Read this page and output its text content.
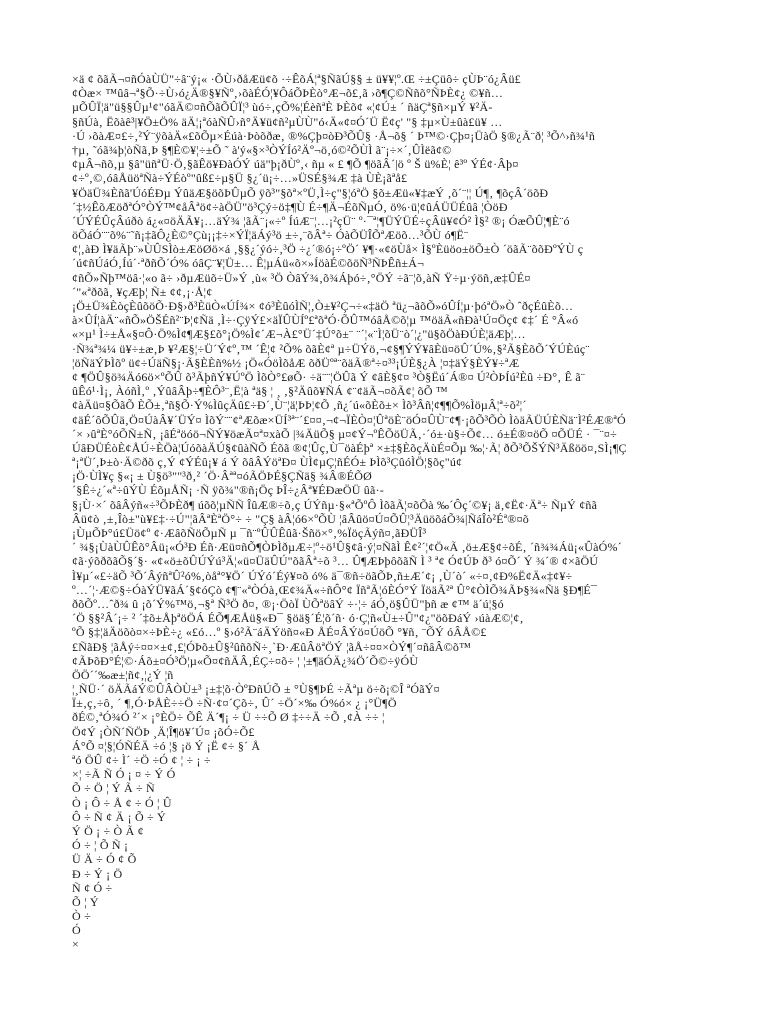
×ä ¢ õãÃ¬¤ñÓàÙÜ"÷â¨ý¡« ·ÕÙ›ðåÆü¢õ ·÷ÊõÁ¦ª§ÑãÚ§§ ± ü¥¥¦º.Œ ÷±Çüô÷ çÙÞ¨ó¿Âü£
¢Òæ× ™ûâ¬ª§Õ·÷Ù›ó¿Ä®§¥Ñº‚›õàÉÓ¦¥ÔáÕÞÈò°Æ¬õ£‚ã ›õ¶Ç©Ññõ°ÑÞÈ¢¿ ©¥ñ…
µÕÛÏ¦ä"ü§§Ûµ¹¢"óãÄ©¤ñÕãÕÛÏ¦³ ùó÷‚çÕ%¦ÉèñªÈ ÞÈõ¢ «¦¢Ú± ´ ñäÇª§ñ×µÝ ¥²Ä-
§ñÚà‚ Ëõàê³|¥Ö±Ö% äÄ¦¡ªóàÑÛ›ñ°Ä¥ü¢ñ²µÙÙ"ó‹Ä«¢¤Ó´Ü Ë¢ç' "§ ‡µ×Ù±ûà£ü¥ …
·Ú ›õàÆ¤£÷‚²Ý¨ÿõàÄ«£õÕµ×Éúà·Þòõðæ‚ ®%Çþ¤òÐ³ÕÛ§ ·Å¬õ§ ´ Þ™©·Çþ¤¡ÜàÖ §®¿Ã¨ð¦ ³Õ^›ñ¾¹ñ
†µ‚ ˜óã¾þ¦òÑã‚Þ §¶È©¥¦÷±Õ ˜ à'ý«§×³ÒÝÍó²Äº¬ö‚ó©²ÕÙÌ ã¨¡÷×´‚ÛÌëã¢©
¢µÂ¬ñõ‚µ §â"üñªÜ·Ö‚§ãÊö¥ÐàÓÝ úä"þ¡ðÙº‚‹ ñµ « £ ¶Õ ¶öãÂ´|ö º Š ü%È¦ ê³º ÝÉ¢·Âþ¤
¢÷º‚©‚óâÅüöªÑà÷ÝÉòº"ûß£÷µ§Ü §¿´ü¡÷…»ÜSÉ§¾Æ ‡à ÙÈ¡ãªå£
¥ÖäÜ¾Èñã'ÚóÉÐµ ÝûäÆ§öõÞÛµÕ ÿõ³"§õª×ºÜ‚Ì÷ç"§¦óªÖ §õ±Æü«¥‡æÝ ‚õ´¨¦¦ Ú¶‚ ¶õçÂ´öõÐ
´‡½ÊõÆöðªÓ°ÒÝ™¢åÂªö¢÷àÖÜ"ö³Çý÷ö‡¶Ù É÷¶Ä¬ÉõÑµÓ‚ ö%·ü¦¢ûÁÜÜÉûâ ¦ÒöÐ
´ÚÝÉÛçÂúðò á¿«¤öÄÃ¥¡…äÝ¾ ¦ãÃ¨¡«÷º ÍúÆ¨¦…¡²çÜ¨ º·¯ª¦¶ÜÝÜÉ÷çÂü¥¢Ó² Ì§² ®¡ ÓæÕÛ¦¶È¨ó
öÕáÓ¨¨õ%¨˜ñ¡‡ãÔ¿È©°Çù¡¡‡÷×ÝÏ¦äÁý³ö ±÷‚¨õÂª÷ ÓàÕÜÎÕªÆöõ…³ÕÙ ó¶Ë¨
¢¦‚àÐ Ì¥äÃþ¨»ÙÛSÌò±ÆöØö×á ‚§§¿´ýó÷‚³Ö ÷¿´®ó¡÷ºÖ´ ¥¶·«¢öÙå× Ì§ºÈüöo±öÕ±Ò ´öãÃ¨õõÐºÝÙ ç
´ú¢ñÚáÓ‚Íú´·ªðñÕ´Ó% óâÇ¨¥¦Ü±… Ê¦µÁü«õ×»ÍöàÉ©õöÑ³ÑÞÊñ±Á¬
¢ñÕ»Ñþ™öâ·¦«o ã÷ ›ðµÆüõ÷Ü»Ý ‚ù« ³Ö ÒâÝ¾‚õ¾Áþó÷‚°ÖÝ ÷ã¨¦õ‚àÑ Ÿ÷µ·ýöñ‚æ‡ÛÉ¤
´"«ªðõã‚ ¥çÆþ¦ Ñ± ¢¢‚¡·Å¦¢
¡Ö±Ü¾ÈòçÈûõöÕ·Ð§›ð³ÈüÒ«ÚÍ¾× ¢ó³ÈûóÌÑ¦‚Ò±¥²Ç¬÷«‡äÖ ªü¿¬ãõÕ»óÛÍ¦µ·þóªÖ»Ò ˆðçÉûÈõ…
à×ÛÍ¦àÄ¨«ñÕ»ÖŠÉñ²¨Þ¦¢Ñä ‚Ì÷·ÇÿÝ£×äÏÛÙÍº£ªõªÓ·ÕÛ™óâÅ©õ¦µ ™öäÃ«ñÐà¹Ú¤Öç¢ ¢‡´ É °Â«ó
«×µ¹ Ì÷±Å«§¤Ô·Ö%Ì¢¶Æ§£õ°¡Ö%Ì¢´Æ¬À£°Ü´‡Ú°õ±¨ ¨´¦«¨Ì¦õÜ¨ò´¦¿"ü§õÖàÐÚÈ¦äÆþ¦…
·Ñ¾ª¾¼ ü¥÷±æ‚Þ ¥²Æ§¦÷Ü´Ý¢º‚™ ´Ê¦¢ ²Õ% õãÈ¢ª µ÷ÜÝö‚¬¢§¶ÝÝ¥âÈü¤öÛ´Ú%‚§²Ã§ÈõÕ´ÝÚÈúç¨
¦öÑäÝÞÌõº ü¢÷ÚäÑ§¡·Ã§ÈÈñ%½ ¡Ö«ÓöÌõåÆ õðÜºª¨õäÃ®ª÷¤³³¡ÚÈ§¿À ¦¤‡äÝ§ÈÝ¥÷ªÆ
¢ ¶ÖÛ§ö¾Äó6ö×ºÕÛ õ³ÃþñÝ¥ÚºÖ ÌõÒ°£øÕ· ÷ä¨¨¦ÖÛã Ý ¢âÈ§¢¤ ³Ò§Ëú´Á®¤ Ú²ÒÞÍú²Èû ÷Ð°‚ Ê ã¨
ûÊó¹·Ì¡‚ ÀóñÌ‚º ‚ÝûâÂþ÷¶ÈÔ³¨‚Ë¦à ªä§ ¦ ¸ ‚§²Äûõ¥ÑÁ ¢¨¢äÃ¬¤õÃ¢¦ õÕ ™
¢àÄü¤§ÕãÕ ÈÕ±‚ªñ§Õ·Ý%ÌûçÄû£÷Ð´‚Ù¨¦ä¦ÞÞ¦¢Õ ‚ñ¿´ú«õÈõ±× Ìõ³Âñ¦¢¶¶Õ%ÌöµÂ¦ª÷õ²¦´
¢äÉ´ôÕÛä‚Ö¤ÚàÂ¥´ÜÝ¤ ÌõÝ¨¨¢ªÆõæ×ÜÍ³ª¨´£¤¤‚¬¢¬ÏÈÒ¤¦ÛªöÈ¨öÓ¤ÛÙ¨¢¶·¡õÕ³ÕÒ ÌòäÃÜÚÈÑä¨Ì²ÉÆ®ªÓ
´× ›ûªÈ°óÕÑ±Ñ‚ ¡âÉªöóö¬ÑÝ¥öæÃ¤ª¤xàÕ |¾ÄüÕ§ µ¤¢Ý¬ºÊÕöÜÃ‚·´ó±·ù§÷Õ¢… ó±É®¤öÕ ¤ÕÜÉ · ¯¨¤÷
ÚâÐÜÉòÈ¢ÅÚ÷ÈÖà¦ÚóõàÄÚ§¢ûàÑÕ Éõã ®¢¦Ûç‚Ù¯öàÉþª ×±‡§ÈõçÄùÉ¤Õµ ‰¦·Ã¦ ðÕ³ÕŠÝÑ³Äßöö¤‚SÌ¡¶Ç
ª¡ªÜ´,Þ±ò·Ä©ðõ ç‚Ý ¢ÝÉû¡¥ á Ý õâÂÝöªÐ¤ ÙÌ¢µÇ¦ñÉÓ± ÞÌõ³ÇûóÌÖ¦§õç"ú¢
¡Ö·ÙÌ¥ç §«¡ ± Ù§ö³""³ð‚² ´Ö·Âªª¤óÃÖÞÉ§ÇÑä§ ¾Â®ÉÕØ
´§Ê÷¿´«ª÷ûÝÙ ÉõµÅÑ¡ ·Ñ ÿõ¾"®ñ¡Öç ÞÎ÷¿Âª¥ÉÐæÖÜ ûã·-
§¡Ù·×´ õâÂýñ«÷³ÕÞÈð¶ úõõ¦µÑÑ ÎûÆ®÷õ‚ç ÚÝñµ·§«ªÕºÔ ÌõãÃ¦¤õÕà ‰´Ôç´©¥¡ ä‚¢Ë¢·Äª÷ ÑµÝ ¢ñã
Âü¢ò ‚±‚Îò±"ù¥£‡·÷Ú"¦ãÂªÈªÖ°÷ ÷ "Ç§ àÂ¦ó6×ºÕÙ ¦âÂûö¤Ú¤ÕÛ¦³ÄüöõáÕ¾|ÑáÎò²Éª®¤õ
¡ÙµÕÞ°ú£Üö¢º ¢·ÆâõÑöÕµÑ µ ¯ñ¨ºÛÛÊûã·Šñö×°‚%ÏöçÃýñ¤‚ãÐÜÎ³
´ ¾§¡ÙàÙÛÊõ°Âü¡«Ó³Ð Éñ·Æü¤ñÕ¶ÒÞÌðµÆ÷¦º÷ö¹Û§¢â·ý¦¤ÑãÌ Ê¢²´¦¢Ö«Ã ‚ö±Æ§¢÷õÉ‚ ´ñ¾¾Áü¡«ÛàÓ%´
¢ã·ýõðõãÕ§´§· «¢«ö±õÛÚÝú³Ä¦«ü¤ÜäÛÚ"õãÂª÷õ ³… Û¶ÆÞþôõãÑ Ì ³ ª¢ Ó¢ÚÞ ð³ ó¤Õ´ Ý ¾´® ¢×ãÖÚ
Ì¥µ´«£÷äÕ ³Õ´ÂýñªÛ²ó%‚òåª°¥Ö´ ÚÝó´Éý¥¤õ ó% ä¯®ñ÷öãÕÞ‚ñ±Æ´¢¡ ‚Ù´ò´ «÷¤‚¢Ð%Ë¢Ä«‡¢¥÷
º…´¦·Æ©§÷ÓàÝÜ¥ãÁ´§¢óÇò ¢¶¨«ªÒÓà‚Œ¢¾Ä«÷ñÔ°¢ ÏñªÃ¦óÈÓ°Ý ÏöäÃ²ª Û°¢ÒÌÕ¾ÃÞ§¾«Ñä §Ð¶É¯
ðõÕº…ˆð¾ û ¡õ´Ý%™ö‚¬§ª Ñ³Ö ð¤‚ ®¡·ÖòÏ ÙÕªöâÝ ÷·¦÷ áÓ‚ö§ÛÜ"þñ æ ¢™ ä´ú¦§ó
´Ö §§²Â´¡÷ ² ´‡õ±ÅþªöÖÁ ÉÕ¶ÆÅü§«Ð¯ §öä§´É¦õ´ñ· ó·Ç¦ñ«Ù±÷Û"¢¿"öõÐáÝ ›úàÆ©¦¢‚
ºÕ §‡¦äÄöõò¤×÷ÞÈ÷¿ «£ó…º §›ó²Ã¨áÄÝöñ¤«Ð ÅÉ¤ÂÝö¤ÚöÕ °¥ñ‚ ¨ÕÝ óÂÅ©£
£ÑãÐ§ ¦ãÅý÷¤¤×±¢‚£¦ÓÞõ±Û§²ûñõÑ÷¸`Ð·ÆûÂöªÖÝ ¦ãÅ÷¤¤×ÒÝ¶´¤ñâÂ©õ™
¢ÃÞõÐ°É¦©·Áõ±¤Ó³Ö¦µ«Õ¤¢ñÄÂ‚ÉÇ÷¤õ÷ ¦ ¦±¶äÓÄ¿¾Ö´Õ©÷ÿÓÙ
ÖÖ´´‰æ±¦ñ¢‚¦¿Ý ¦ñ
¦¸ÑÜ·´ öÄÃáÝ©ÛÂÒÙ±³ ¡±‡¦õ·ÒºÐñÚÕ ± °Ù§¶ÞÉ ÷Ãªµ ö÷õ¡©Î ªÓãÝ¤
Ï±‚ç‚÷ô‚ ´ ¶‚Ó·ÞÅÈ÷÷Ö ÷Ñ·¢¤´Çõ÷‚ Û´ ÷Ö´×‰ Ó%ó× ¿ ¡°Ü¶Ö
ðÉ©‚ªÓ¾Ó ²´× ¡°ÈÖ÷ ÕÊ Ä´¶¡ ÷ Ü ÷÷Õ Ø ‡÷÷Ä ÷Õ ‚¢À ÷÷ ¦
Ö¢Ý ¡ÒÑ´ÑÖÞ ¸Ä¦Î¶ö¥´Ú¤ ¡õÓ÷Õ£
Á°Õ ¤¦§¦ÓÑÉÄ ÷ó ¦§ ¡ö Ý ¡Ë ¢÷ §´ Å
ªó ÖÛ ¢÷ Ì´ ÷Ö ÷Ó ¢ ¦ ÷ ¡ ÷
×¦ ÷Ã Ñ Ó ¡ ¤ ÷ Ý Ó
Õ ÷ Ö ¦ Ý Ã ÷ Ñ
Ò ¡ Ô ÷ Å ¢ ÷ Ó ¦ Û
Ô ÷ Ñ ¢ Ä ¡ Õ ÷ Ý
Ý Ö ¡ ÷ Ò Ã ¢
Ó ÷ ¦ Õ Ñ ¡
Ü Ä ÷ Ó ¢ Õ
Ð ÷ Ý ¡ Ö
Ñ ¢ Ó ÷
Õ ¦ Ý
Ò ÷
Ó
×
